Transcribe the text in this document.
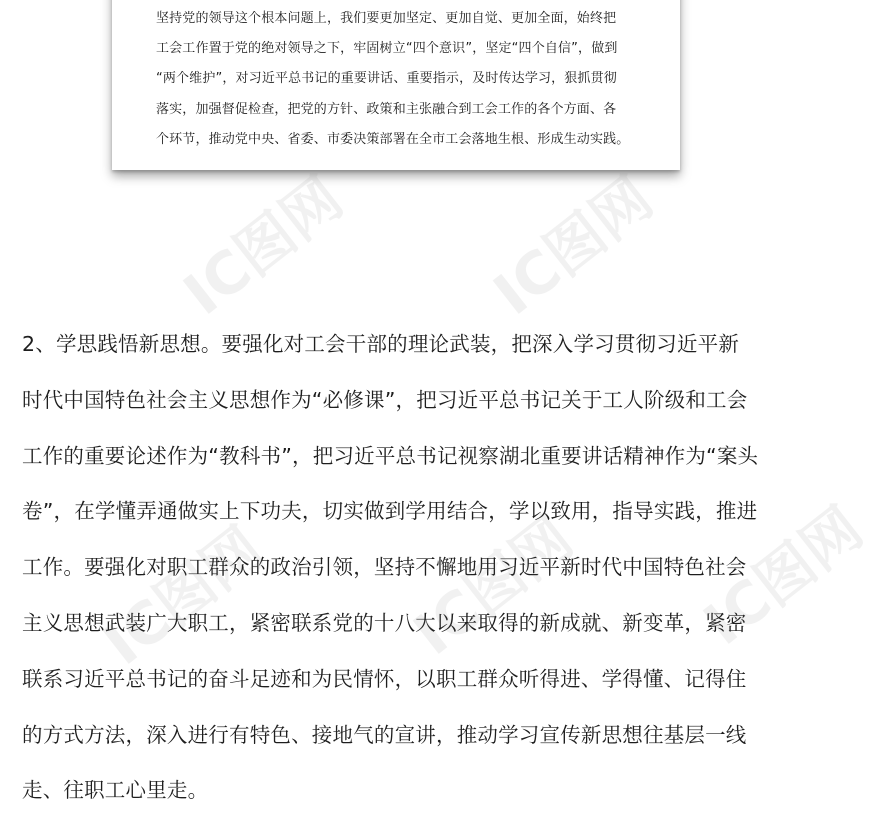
坚持党的领导这个根本问题上，我们要更加坚定、更加自觉、更加全面，始终把
工会工作置于党的绝对领导之下，牢固树立“四个意识”，坚定“四个自信”，做到
“两个维护”，对习近平总书记的重要讲话、重要指示，及时传达学习，狠抓贯彻
落实，加强督促检查，把党的方针、政策和主张融合到工会工作的各个方面、各
个环节，推动党中央、省委、市委决策部署在全市工会落地生根、形成生动实践。
2、学思践悟新思想。要强化对工会干部的理论武装，把深入学习贯彻习近平新
时代中国特色社会主义思想作为“必修课”，把习近平总书记关于工人阶级和工会
工作的重要论述作为“教科书”，把习近平总书记视察湖北重要讲话精神作为“案头
卷”，在学懂弄通做实上下功夫，切实做到学用结合，学以致用，指导实践，推进
工作。要强化对职工群众的政治引领，坚持不懈地用习近平新时代中国特色社会
主义思想武装广大职工，紧密联系党的十八大以来取得的新成就、新变革，紧密
联系习近平总书记的奋斗足迹和为民情怀，以职工群众听得进、学得懂、记得住
的方式方法，深入进行有特色、接地气的宣讲，推动学习宣传新思想往基层一线
走、往职工心里走。
IC图网 IC图网
IC图网 IC图网 IC图网
